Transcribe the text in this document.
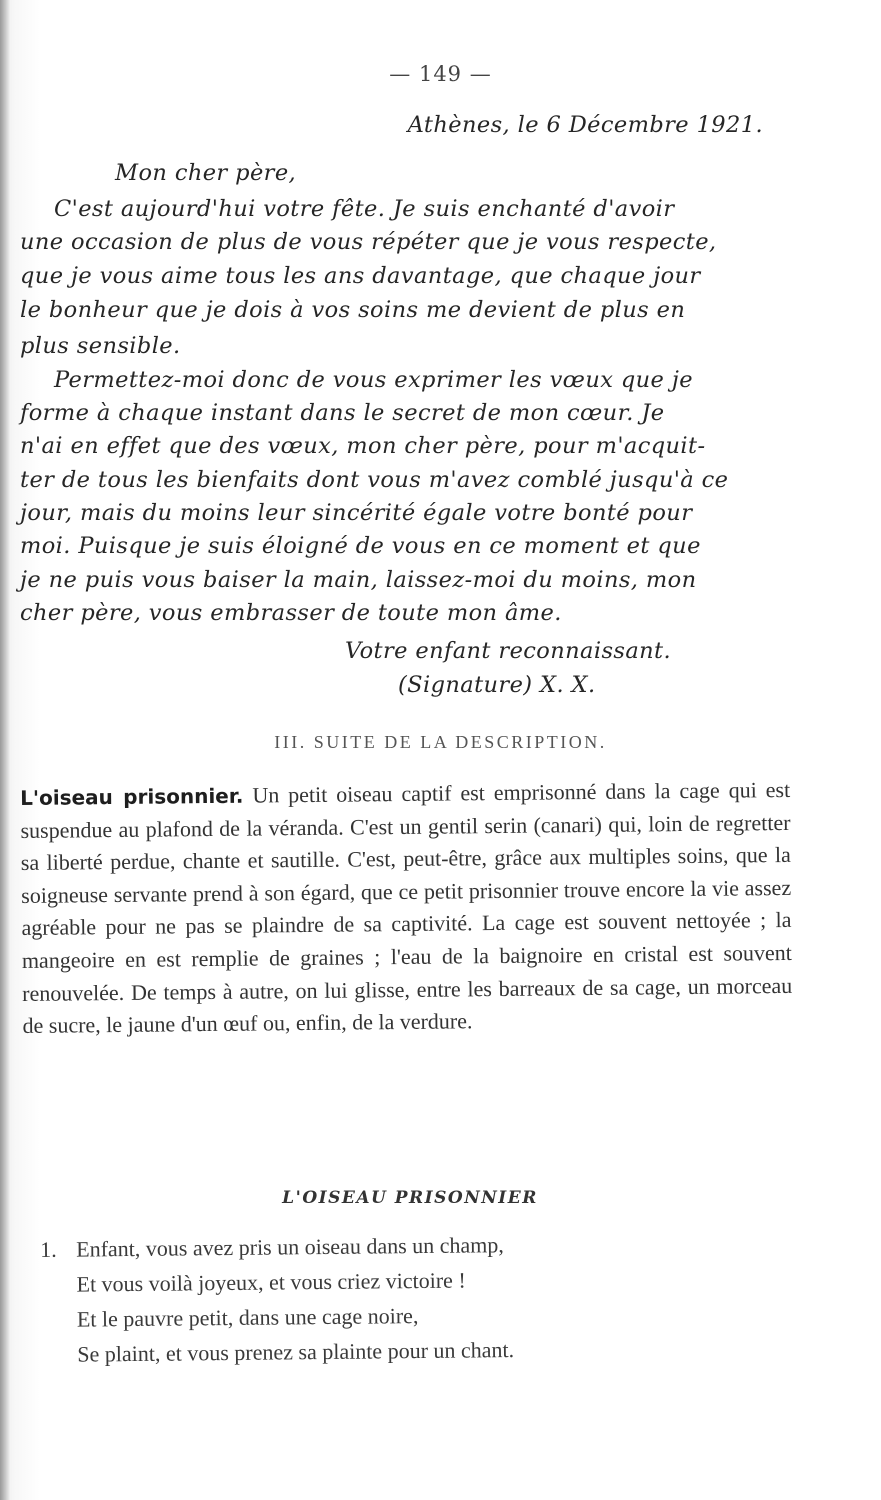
— 149 —
Athènes, le 6 Décembre 1921.
Mon cher père,
C'est aujourd'hui votre fête. Je suis enchanté d'avoir
une occasion de plus de vous répéter que je vous respecte,
que je vous aime tous les ans davantage, que chaque jour
le bonheur que je dois à vos soins me devient de plus en
plus sensible.
Permettez-moi donc de vous exprimer les vœux que je
forme à chaque instant dans le secret de mon cœur. Je
n'ai en effet que des vœux, mon cher père, pour m'acquit-
ter de tous les bienfaits dont vous m'avez comblé jusqu'à ce
jour, mais du moins leur sincérité égale votre bonté pour
moi. Puisque je suis éloigné de vous en ce moment et que
je ne puis vous baiser la main, laissez-moi du moins, mon
cher père, vous embrasser de toute mon âme.
Votre enfant reconnaissant.
(Signature) X. X.
III. SUITE DE LA DESCRIPTION.
L'oiseau prisonnier. Un petit oiseau captif est emprisonné dans la cage qui est suspendue au plafond de la véranda. C'est un gentil serin (canari) qui, loin de regretter sa liberté perdue, chante et sautille. C'est, peut-être, grâce aux multiples soins, que la soigneuse servante prend à son égard, que ce petit prisonnier trouve encore la vie assez agréable pour ne pas se plaindre de sa captivité. La cage est souvent nettoyée ; la mangeoire en est remplie de graines ; l'eau de la baignoire en cristal est souvent renouvelée. De temps à autre, on lui glisse, entre les barreaux de sa cage, un morceau de sucre, le jaune d'un œuf ou, enfin, de la verdure.
L'OISEAU PRISONNIER
1. Enfant, vous avez pris un oiseau dans un champ,
Et vous voilà joyeux, et vous criez victoire !
Et le pauvre petit, dans une cage noire,
Se plaint, et vous prenez sa plainte pour un chant.
